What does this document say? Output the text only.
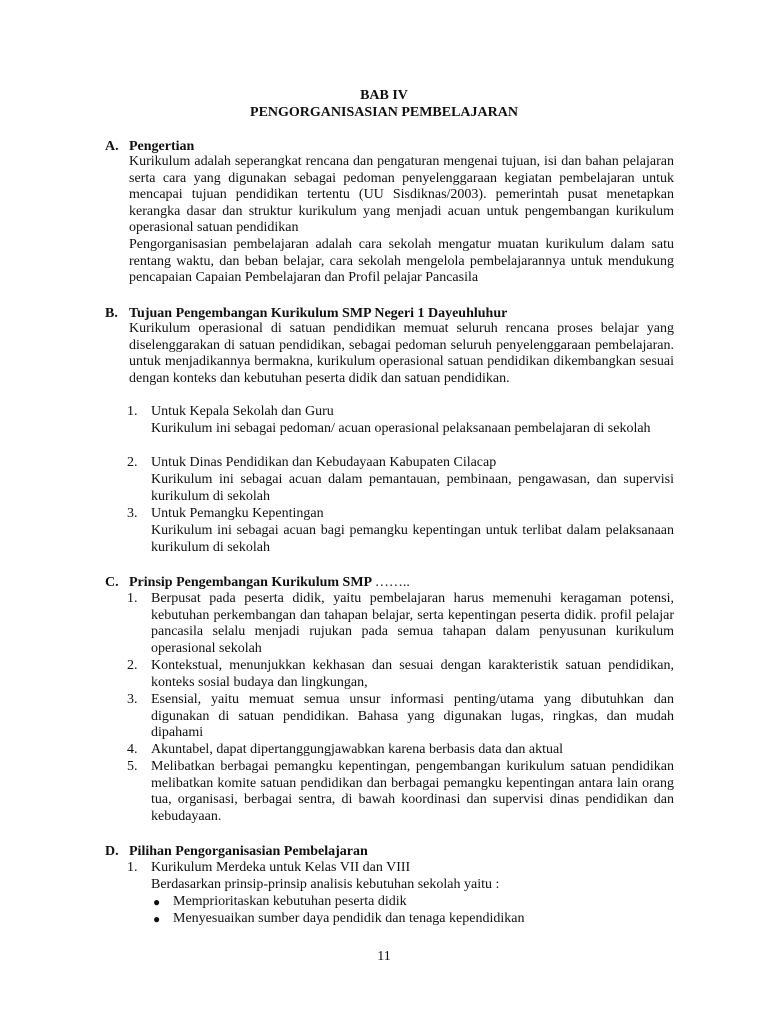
BAB IV
PENGORGANISASIAN PEMBELAJARAN
A. Pengertian
Kurikulum adalah seperangkat rencana dan pengaturan mengenai tujuan, isi dan bahan pelajaran serta cara yang digunakan sebagai pedoman penyelenggaraan kegiatan pembelajaran untuk mencapai tujuan pendidikan tertentu (UU Sisdiknas/2003). pemerintah pusat menetapkan kerangka dasar dan struktur kurikulum yang menjadi acuan untuk pengembangan kurikulum operasional satuan pendidikan
Pengorganisasian pembelajaran adalah cara sekolah mengatur muatan kurikulum dalam satu rentang waktu, dan beban belajar, cara sekolah mengelola pembelajarannya untuk mendukung pencapaian Capaian Pembelajaran dan Profil pelajar Pancasila
B. Tujuan Pengembangan Kurikulum SMP Negeri 1 Dayeuhluhur
Kurikulum operasional di satuan pendidikan memuat seluruh rencana proses belajar yang diselenggarakan di satuan pendidikan, sebagai pedoman seluruh penyelenggaraan pembelajaran. untuk menjadikannya bermakna, kurikulum operasional satuan pendidikan dikembangkan sesuai dengan konteks dan kebutuhan peserta didik dan satuan pendidikan.
1. Untuk Kepala Sekolah dan Guru
Kurikulum ini sebagai pedoman/ acuan operasional pelaksanaan pembelajaran di sekolah
2. Untuk Dinas Pendidikan dan Kebudayaan Kabupaten Cilacap
Kurikulum ini sebagai acuan dalam pemantauan, pembinaan, pengawasan, dan supervisi kurikulum di sekolah
3. Untuk Pemangku Kepentingan
Kurikulum ini sebagai acuan bagi pemangku kepentingan untuk terlibat dalam pelaksanaan kurikulum di sekolah
C. Prinsip Pengembangan Kurikulum SMP ……..
1. Berpusat pada peserta didik, yaitu pembelajaran harus memenuhi keragaman potensi, kebutuhan perkembangan dan tahapan belajar, serta kepentingan peserta didik. profil pelajar pancasila selalu menjadi rujukan pada semua tahapan dalam penyusunan kurikulum operasional sekolah
2. Kontekstual, menunjukkan kekhasan dan sesuai dengan karakteristik satuan pendidikan, konteks sosial budaya dan lingkungan,
3. Esensial, yaitu memuat semua unsur informasi penting/utama yang dibutuhkan dan digunakan di satuan pendidikan. Bahasa yang digunakan lugas, ringkas, dan mudah dipahami
4. Akuntabel, dapat dipertanggungjawabkan karena berbasis data dan aktual
5. Melibatkan berbagai pemangku kepentingan, pengembangan kurikulum satuan pendidikan melibatkan komite satuan pendidikan dan berbagai pemangku kepentingan antara lain orang tua, organisasi, berbagai sentra, di bawah koordinasi dan supervisi dinas pendidikan dan kebudayaan.
D. Pilihan Pengorganisasian Pembelajaran
1. Kurikulum Merdeka untuk Kelas VII dan VIII
Berdasarkan prinsip-prinsip analisis kebutuhan sekolah yaitu :
● Memprioritaskan kebutuhan peserta didik
● Menyesuaikan sumber daya pendidik dan tenaga kependidikan
11
